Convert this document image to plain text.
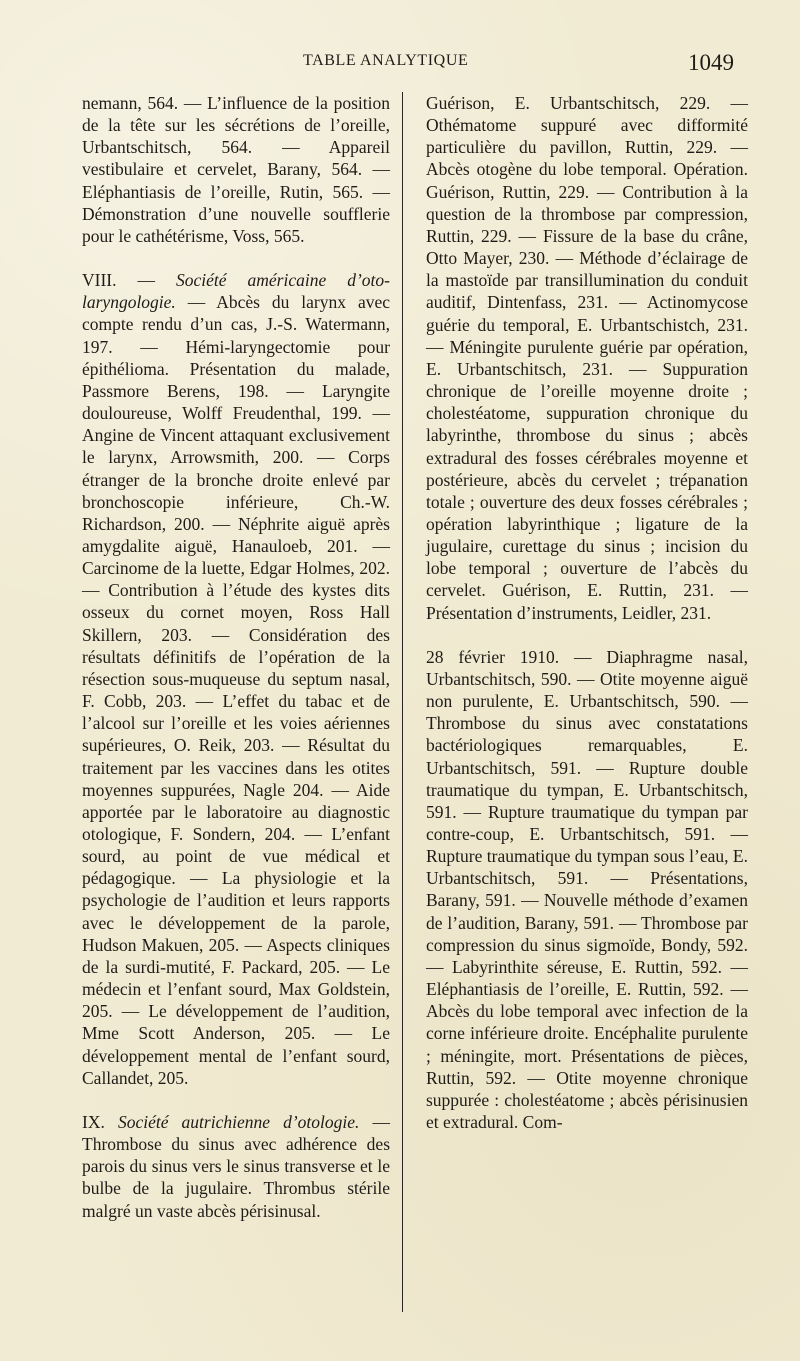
TABLE ANALYTIQUE	1049

nemann, 564. — L’influence de la position de la tête sur les sécrétions de l’oreille, Urbantschitsch, 564. — Appareil vestibulaire et cervelet, Barany, 564. — Eléphantiasis de l’oreille, Rutin, 565. — Démonstration d’une nouvelle soufflerie pour le cathétérisme, Voss, 565.

VIII. — Société américaine d’oto-laryngologie. — Abcès du larynx avec compte rendu d’un cas, J.-S. Watermann, 197. — Hémi-laryngectomie pour épithélioma. Présentation du malade, Passmore Berens, 198. — Laryngite douloureuse, Wolff Freudenthal, 199. — Angine de Vincent attaquant exclusivement le larynx, Arrowsmith, 200. — Corps étranger de la bronche droite enlevé par bronchoscopie inférieure, Ch.-W. Richardson, 200. — Néphrite aiguë après amygdalite aiguë, Hanauloeb, 201. — Carcinome de la luette, Edgar Holmes, 202. — Contribution à l’étude des kystes dits osseux du cornet moyen, Ross Hall Skillern, 203. — Considération des résultats définitifs de l’opération de la résection sous-muqueuse du septum nasal, F. Cobb, 203. — L’effet du tabac et de l’alcool sur l’oreille et les voies aériennes supérieures, O. Reik, 203. — Résultat du traitement par les vaccines dans les otites moyennes suppurées, Nagle 204. — Aide apportée par le laboratoire au diagnostic otologique, F. Sondern, 204. — L’enfant sourd, au point de vue médical et pédagogique. — La physiologie et la psychologie de l’audition et leurs rapports avec le développement de la parole, Hudson Makuen, 205. — Aspects cliniques de la surdi-mutité, F. Packard, 205. — Le médecin et l’enfant sourd, Max Goldstein, 205. — Le développement de l’audition, Mme Scott Anderson, 205. — Le développement mental de l’enfant sourd, Callandet, 205.

IX. Société autrichienne d’otologie. — Thrombose du sinus avec adhérence des parois du sinus vers le sinus transverse et le bulbe de la jugulaire. Thrombus stérile malgré un vaste abcès périsinusal.

Guérison, E. Urbantschitsch, 229. — Othématome suppuré avec difformité particulière du pavillon, Ruttin, 229. — Abcès otogène du lobe temporal. Opération. Guérison, Ruttin, 229. — Contribution à la question de la thrombose par compression, Ruttin, 229. — Fissure de la base du crâne, Otto Mayer, 230. — Méthode d’éclairage de la mastoïde par transillumination du conduit auditif, Dintenfass, 231. — Actinomycose guérie du temporal, E. Urbantschistch, 231. — Méningite purulente guérie par opération, E. Urbantschitsch, 231. — Suppuration chronique de l’oreille moyenne droite ; cholestéatome, suppuration chronique du labyrinthe, thrombose du sinus ; abcès extradural des fosses cérébrales moyenne et postérieure, abcès du cervelet ; trépanation totale ; ouverture des deux fosses cérébrales ; opération labyrinthique ; ligature de la jugulaire, curettage du sinus ; incision du lobe temporal ; ouverture de l’abcès du cervelet. Guérison, E. Ruttin, 231. — Présentation d’instruments, Leidler, 231.

28 février 1910. — Diaphragme nasal, Urbantschitsch, 590. — Otite moyenne aiguë non purulente, E. Urbantschitsch, 590. — Thrombose du sinus avec constatations bactériologiques remarquables, E. Urbantschitsch, 591. — Rupture double traumatique du tympan, E. Urbantschitsch, 591. — Rupture traumatique du tympan par contre-coup, E. Urbantschitsch, 591. — Rupture traumatique du tympan sous l’eau, E. Urbantschitsch, 591. — Présentations, Barany, 591. — Nouvelle méthode d’examen de l’audition, Barany, 591. — Thrombose par compression du sinus sigmoïde, Bondy, 592. — Labyrinthite séreuse, E. Ruttin, 592. — Eléphantiasis de l’oreille, E. Ruttin, 592. — Abcès du lobe temporal avec infection de la corne inférieure droite. Encéphalite purulente ; méningite, mort. Présentations de pièces, Ruttin, 592. — Otite moyenne chronique suppurée : cholestéatome ; abcès périsinusien et extradural. Com-
